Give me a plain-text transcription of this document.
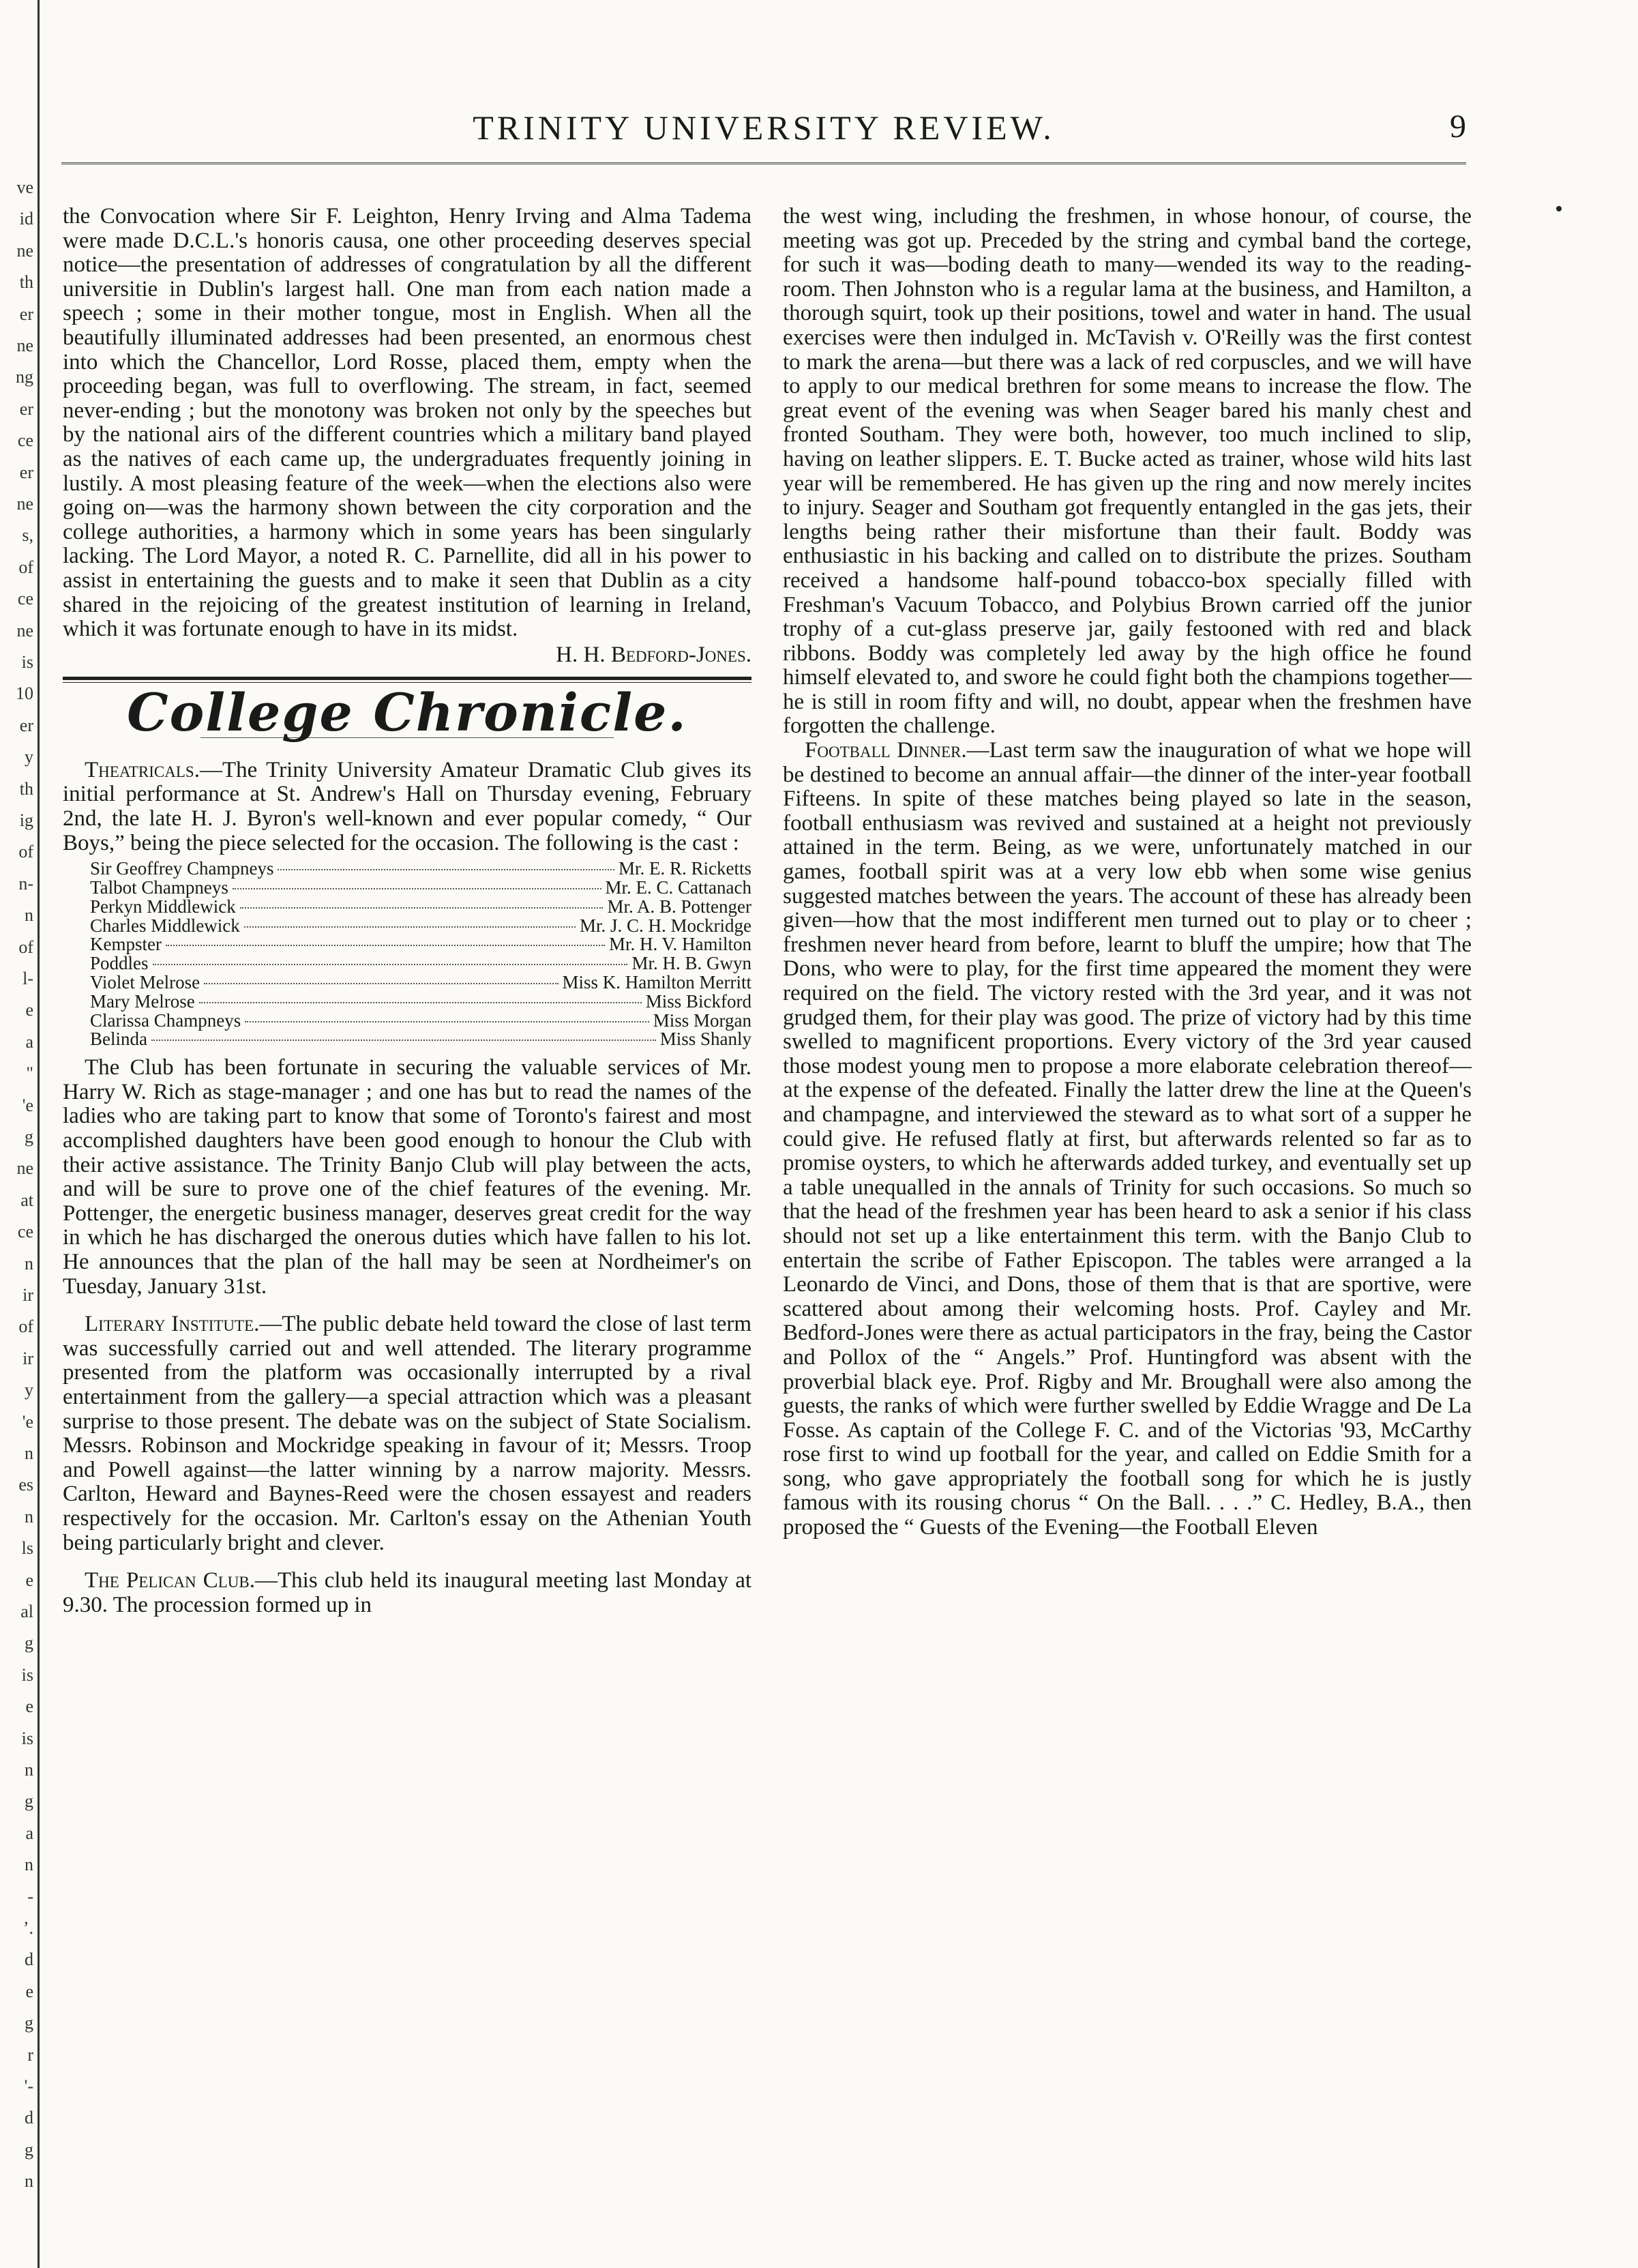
ve
id
ne
th
er
ne
ng
er
ce
er
ne
s,
of
ce
ne
is
10
er
y
th
ig
of
n-
n
of
l-
e
a
"
'e
g
ne
at
ce
n
ir
of
ir
y
'e
n
es
n
ls
e
al
g
is
e
is
n
g
a
n
-
’.
d
e
g
r
'-
d
g
n
TRINITY UNIVERSITY REVIEW.	9

the Convocation where Sir F. Leighton, Henry Irving and Alma Tadema were made D.C.L.'s honoris causa, one other proceeding deserves special notice—the presentation of addresses of congratulation by all the different universitie in Dublin's largest hall. One man from each nation made a speech ; some in their mother tongue, most in English. When all the beautifully illuminated addresses had been presented, an enormous chest into which the Chancellor, Lord Rosse, placed them, empty when the proceeding began, was full to overflowing. The stream, in fact, seemed never-ending ; but the monotony was broken not only by the speeches but by the national airs of the different countries which a military band played as the natives of each came up, the undergraduates frequently joining in lustily. A most pleasing feature of the week—when the elections also were going on—was the harmony shown between the city corporation and the college authorities, a harmony which in some years has been singularly lacking. The Lord Mayor, a noted R. C. Parnellite, did all in his power to assist in entertaining the guests and to make it seen that Dublin as a city shared in the rejoicing of the greatest institution of learning in Ireland, which it was fortunate enough to have in its midst.

H. H. Bedford-Jones.
College Chronicle.

Theatricals.—The Trinity University Amateur Dramatic Club gives its initial performance at St. Andrew's Hall on Thursday evening, February 2nd, the late H. J. Byron's well-known and ever popular comedy, “ Our Boys,” being the piece selected for the occasion. The following is the cast :

Sir Geoffrey Champneys	Mr. E. R. Ricketts
Talbot Champneys	Mr. E. C. Cattanach
Perkyn Middlewick	Mr. A. B. Pottenger
Charles Middlewick	Mr. J. C. H. Mockridge
Kempster	Mr. H. V. Hamilton
Poddles	Mr. H. B. Gwyn
Violet Melrose	Miss K. Hamilton Merritt
Mary Melrose	Miss Bickford
Clarissa Champneys	Miss Morgan
Belinda	Miss Shanly

The Club has been fortunate in securing the valuable services of Mr. Harry W. Rich as stage-manager ; and one has but to read the names of the ladies who are taking part to know that some of Toronto's fairest and most accomplished daughters have been good enough to honour the Club with their active assistance. The Trinity Banjo Club will play between the acts, and will be sure to prove one of the chief features of the evening. Mr. Pottenger, the energetic business manager, deserves great credit for the way in which he has discharged the onerous duties which have fallen to his lot. He announces that the plan of the hall may be seen at Nordheimer's on Tuesday, January 31st.

Literary Institute.—The public debate held toward the close of last term was successfully carried out and well attended. The literary programme presented from the platform was occasionally interrupted by a rival entertainment from the gallery—a special attraction which was a pleasant surprise to those present. The debate was on the subject of State Socialism. Messrs. Robinson and Mockridge speaking in favour of it; Messrs. Troop and Powell against—the latter winning by a narrow majority. Messrs. Carlton, Heward and Baynes-Reed were the chosen essayest and readers respectively for the occasion. Mr. Carlton's essay on the Athenian Youth being particularly bright and clever.

The Pelican Club.—This club held its inaugural meeting last Monday at 9.30. The procession formed up in

the west wing, including the freshmen, in whose honour, of course, the meeting was got up. Preceded by the string and cymbal band the cortege, for such it was—boding death to many—wended its way to the reading-room. Then Johnston who is a regular lama at the business, and Hamilton, a thorough squirt, took up their positions, towel and water in hand. The usual exercises were then indulged in. McTavish v. O'Reilly was the first contest to mark the arena—but there was a lack of red corpuscles, and we will have to apply to our medical brethren for some means to increase the flow. The great event of the evening was when Seager bared his manly chest and fronted Southam. They were both, however, too much inclined to slip, having on leather slippers. E. T. Bucke acted as trainer, whose wild hits last year will be remembered. He has given up the ring and now merely incites to injury. Seager and Southam got frequently entangled in the gas jets, their lengths being rather their misfortune than their fault. Boddy was enthusiastic in his backing and called on to distribute the prizes. Southam received a handsome half-pound tobacco-box specially filled with Freshman's Vacuum Tobacco, and Polybius Brown carried off the junior trophy of a cut-glass preserve jar, gaily festooned with red and black ribbons. Boddy was completely led away by the high office he found himself elevated to, and swore he could fight both the champions together—he is still in room fifty and will, no doubt, appear when the freshmen have forgotten the challenge.

Football Dinner.—Last term saw the inauguration of what we hope will be destined to become an annual affair—the dinner of the inter-year football Fifteens. In spite of these matches being played so late in the season, football enthusiasm was revived and sustained at a height not previously attained in the term. Being, as we were, unfortunately matched in our games, football spirit was at a very low ebb when some wise genius suggested matches between the years. The account of these has already been given—how that the most indifferent men turned out to play or to cheer ; freshmen never heard from before, learnt to bluff the umpire; how that The Dons, who were to play, for the first time appeared the moment they were required on the field. The victory rested with the 3rd year, and it was not grudged them, for their play was good. The prize of victory had by this time swelled to magnificent proportions. Every victory of the 3rd year caused those modest young men to propose a more elaborate celebration thereof—at the expense of the defeated. Finally the latter drew the line at the Queen's and champagne, and interviewed the steward as to what sort of a supper he could give. He refused flatly at first, but afterwards relented so far as to promise oysters, to which he afterwards added turkey, and eventually set up a table unequalled in the annals of Trinity for such occasions. So much so that the head of the freshmen year has been heard to ask a senior if his class should not set up a like entertainment this term. with the Banjo Club to entertain the scribe of Father Episcopon. The tables were arranged a la Leonardo de Vinci, and Dons, those of them that is that are sportive, were scattered about among their welcoming hosts. Prof. Cayley and Mr. Bedford-Jones were there as actual participators in the fray, being the Castor and Pollox of the “ Angels.” Prof. Huntingford was absent with the proverbial black eye. Prof. Rigby and Mr. Broughall were also among the guests, the ranks of which were further swelled by Eddie Wragge and De La Fosse. As captain of the College F. C. and of the Victorias '93, McCarthy rose first to wind up football for the year, and called on Eddie Smith for a song, who gave appropriately the football song for which he is justly famous with its rousing chorus “ On the Ball. . . .” C. Hedley, B.A., then proposed the “ Guests of the Evening—the Football Eleven
